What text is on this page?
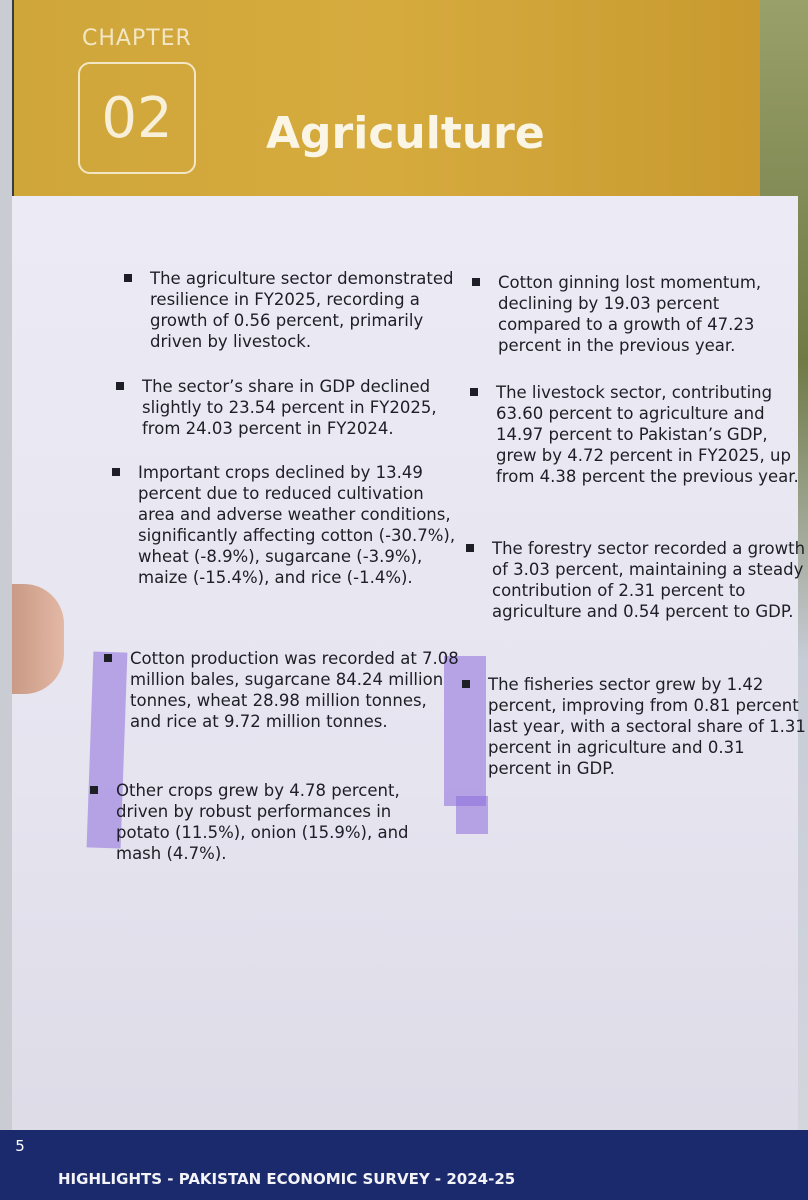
CHAPTER
02	Agriculture
The agriculture sector demonstrated resilience in FY2025, recording a growth of 0.56 percent, primarily driven by livestock.
The sector’s share in GDP declined slightly to 23.54 percent in FY2025, from 24.03 percent in FY2024.
Important crops declined by 13.49 percent due to reduced cultivation area and adverse weather conditions, significantly affecting cotton (-30.7%), wheat (-8.9%), sugarcane (-3.9%), maize (-15.4%), and rice (-1.4%).
Cotton production was recorded at 7.08 million bales, sugarcane 84.24 million tonnes, wheat 28.98 million tonnes, and rice at 9.72 million tonnes.
Other crops grew by 4.78 percent, driven by robust performances in potato (11.5%), onion (15.9%), and mash (4.7%).
Cotton ginning lost momentum, declining by 19.03 percent compared to a growth of 47.23 percent in the previous year.
The livestock sector, contributing 63.60 percent to agriculture and 14.97 percent to Pakistan’s GDP, grew by 4.72 percent in FY2025, up from 4.38 percent the previous year.
The forestry sector recorded a growth of 3.03 percent, maintaining a steady contribution of 2.31 percent to agriculture and 0.54 percent to GDP.
The fisheries sector grew by 1.42 percent, improving from 0.81 percent last year, with a sectoral share of 1.31 percent in agriculture and 0.31 percent in GDP.
5
HIGHLIGHTS - PAKISTAN ECONOMIC SURVEY - 2024-25
